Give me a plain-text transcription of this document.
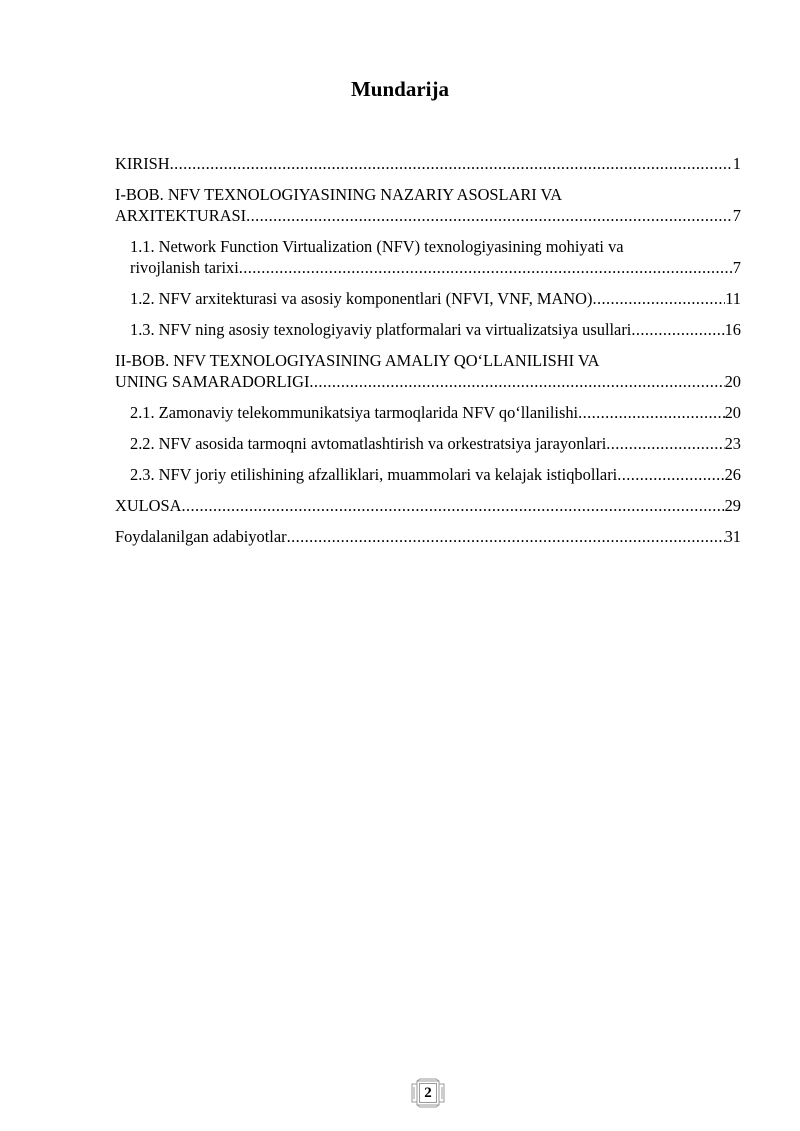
Mundarija
KIRISH .....	1
I-BOB. NFV TEXNOLOGIYASINING NAZARIY ASOSLARI VA
ARXITEKTURASI .....	7
1.1. Network Function Virtualization (NFV) texnologiyasining mohiyati va
rivojlanish tarixi .....	7
1.2. NFV arxitekturasi va asosiy komponentlari (NFVI, VNF, MANO) .....	11
1.3. NFV ning asosiy texnologiyaviy platformalari va virtualizatsiya usullari .....	16
II-BOB. NFV TEXNOLOGIYASINING AMALIY QO‘LLANILISHI VA
UNING SAMARADORLIGI .....	20
2.1. Zamonaviy telekommunikatsiya tarmoqlarida NFV qo‘llanilishi .....	20
2.2. NFV asosida tarmoqni avtomatlashtirish va orkestratsiya jarayonlari .....	23
2.3. NFV joriy etilishining afzalliklari, muammolari va kelajak istiqbollari .....	26
XULOSA .....	29
Foydalanilgan adabiyotlar .....	31
2
